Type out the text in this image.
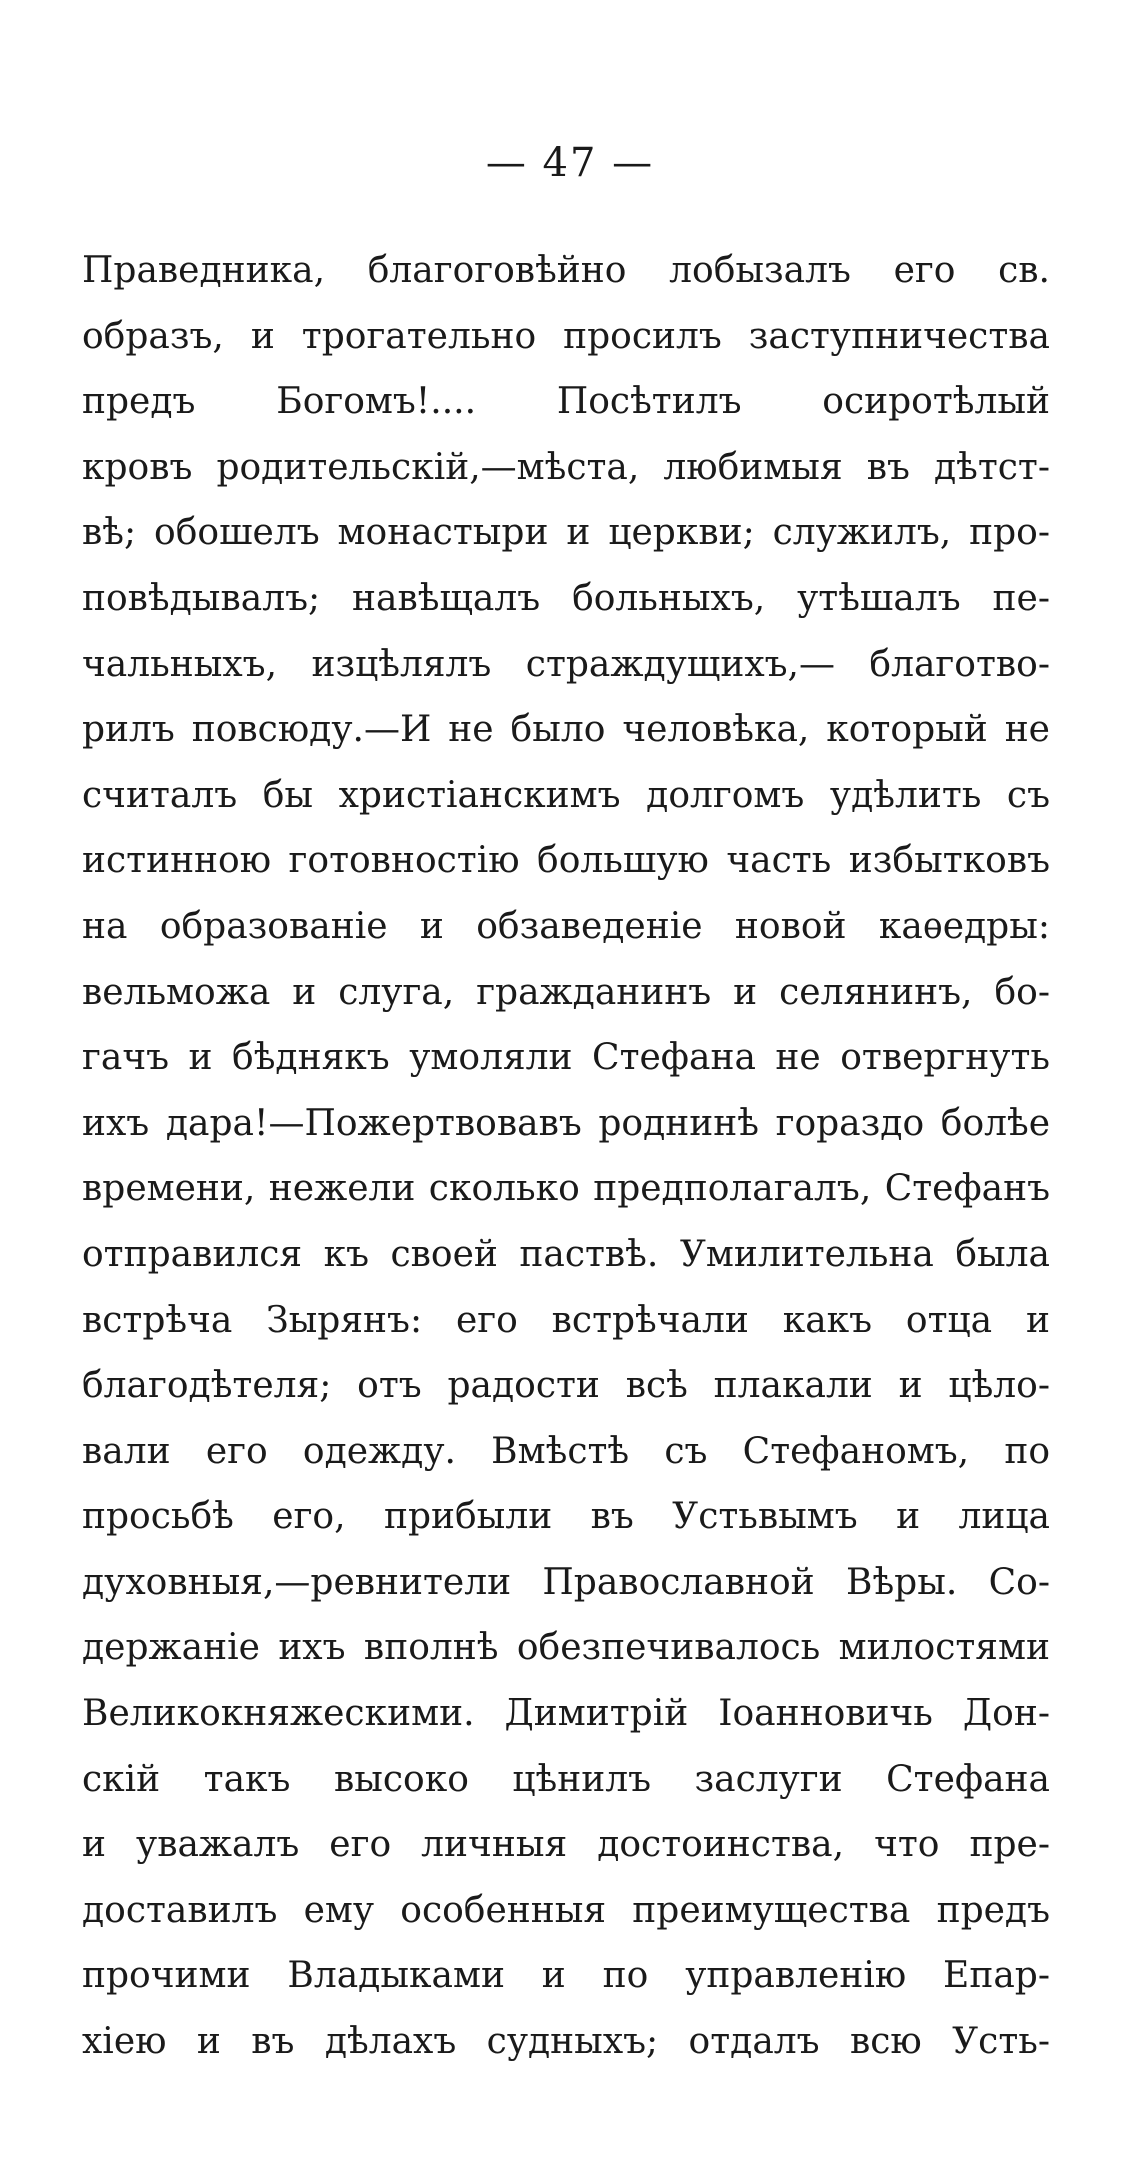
— 47 —
Праведника, благоговѣйно лобызалъ его св.
образъ, и трогательно просилъ заступничества
предъ Богомъ!.... Посѣтилъ осиротѣлый
кровъ родительскій,—мѣста, любимыя въ дѣтст-
вѣ; обошелъ монастыри и церкви; служилъ, про-
повѣдывалъ; навѣщалъ больныхъ, утѣшалъ пе-
чальныхъ, изцѣлялъ страждущихъ,— благотво-
рилъ повсюду.—И не было человѣка, который не
считалъ бы христіанскимъ долгомъ удѣлить съ
истинною готовностію большую часть избытковъ
на образованіе и обзаведеніе новой каѳедры:
вельможа и слуга, гражданинъ и селянинъ, бо-
гачъ и бѣднякъ умоляли Стефана не отвергнуть
ихъ дара!—Пожертвовавъ роднинѣ гораздо болѣе
времени, нежели сколько предполагалъ, Стефанъ
отправился къ своей паствѣ. Умилительна была
встрѣча Зырянъ: его встрѣчали какъ отца и
благодѣтеля; отъ радости всѣ плакали и цѣло-
вали его одежду. Вмѣстѣ съ Стефаномъ, по
просьбѣ его, прибыли въ Устьвымъ и лица
духовныя,—ревнители Православной Вѣры. Со-
держаніе ихъ вполнѣ обезпечивалось милостями
Великокняжескими. Димитрій Іоанновичь Дон-
скій такъ высоко цѣнилъ заслуги Стефана
и уважалъ его личныя достоинства, что пре-
доставилъ ему особенныя преимущества предъ
прочими Владыками и по управленію Епар-
хіею и въ дѣлахъ судныхъ; отдалъ всю Усть-
